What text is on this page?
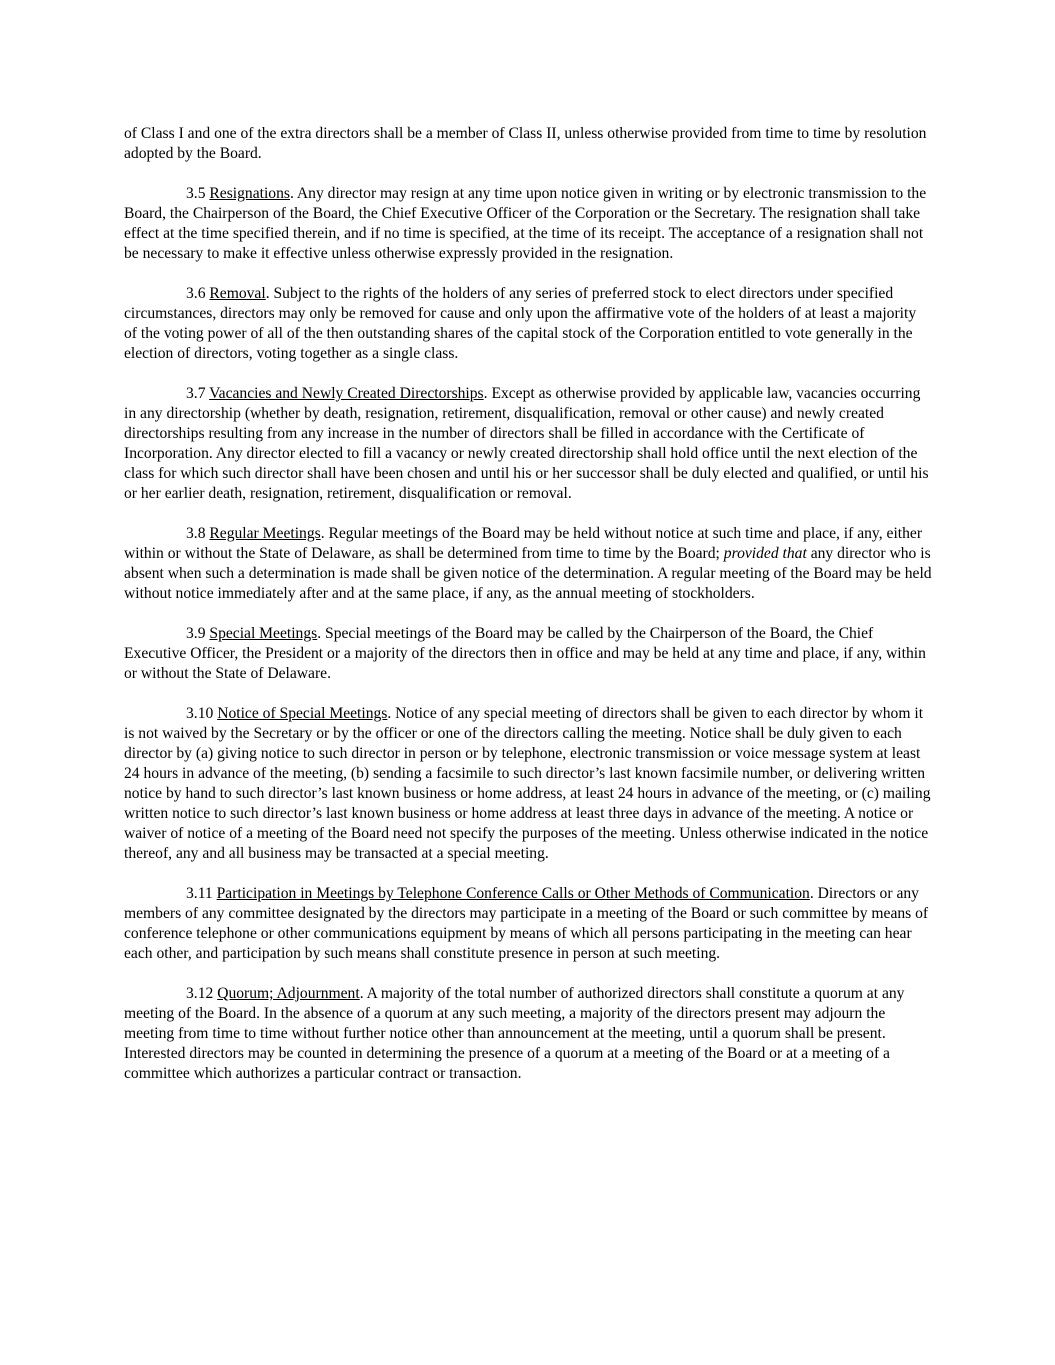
of Class I and one of the extra directors shall be a member of Class II, unless otherwise provided from time to time by resolution adopted by the Board.

3.5 Resignations. Any director may resign at any time upon notice given in writing or by electronic transmission to the Board, the Chairperson of the Board, the Chief Executive Officer of the Corporation or the Secretary. The resignation shall take effect at the time specified therein, and if no time is specified, at the time of its receipt. The acceptance of a resignation shall not be necessary to make it effective unless otherwise expressly provided in the resignation.

3.6 Removal. Subject to the rights of the holders of any series of preferred stock to elect directors under specified circumstances, directors may only be removed for cause and only upon the affirmative vote of the holders of at least a majority of the voting power of all of the then outstanding shares of the capital stock of the Corporation entitled to vote generally in the election of directors, voting together as a single class.

3.7 Vacancies and Newly Created Directorships. Except as otherwise provided by applicable law, vacancies occurring in any directorship (whether by death, resignation, retirement, disqualification, removal or other cause) and newly created directorships resulting from any increase in the number of directors shall be filled in accordance with the Certificate of Incorporation. Any director elected to fill a vacancy or newly created directorship shall hold office until the next election of the class for which such director shall have been chosen and until his or her successor shall be duly elected and qualified, or until his or her earlier death, resignation, retirement, disqualification or removal.

3.8 Regular Meetings. Regular meetings of the Board may be held without notice at such time and place, if any, either within or without the State of Delaware, as shall be determined from time to time by the Board; provided that any director who is absent when such a determination is made shall be given notice of the determination. A regular meeting of the Board may be held without notice immediately after and at the same place, if any, as the annual meeting of stockholders.

3.9 Special Meetings. Special meetings of the Board may be called by the Chairperson of the Board, the Chief Executive Officer, the President or a majority of the directors then in office and may be held at any time and place, if any, within or without the State of Delaware.

3.10 Notice of Special Meetings. Notice of any special meeting of directors shall be given to each director by whom it is not waived by the Secretary or by the officer or one of the directors calling the meeting. Notice shall be duly given to each director by (a) giving notice to such director in person or by telephone, electronic transmission or voice message system at least 24 hours in advance of the meeting, (b) sending a facsimile to such director’s last known facsimile number, or delivering written notice by hand to such director’s last known business or home address, at least 24 hours in advance of the meeting, or (c) mailing written notice to such director’s last known business or home address at least three days in advance of the meeting. A notice or waiver of notice of a meeting of the Board need not specify the purposes of the meeting. Unless otherwise indicated in the notice thereof, any and all business may be transacted at a special meeting.

3.11 Participation in Meetings by Telephone Conference Calls or Other Methods of Communication. Directors or any members of any committee designated by the directors may participate in a meeting of the Board or such committee by means of conference telephone or other communications equipment by means of which all persons participating in the meeting can hear each other, and participation by such means shall constitute presence in person at such meeting.

3.12 Quorum; Adjournment. A majority of the total number of authorized directors shall constitute a quorum at any meeting of the Board. In the absence of a quorum at any such meeting, a majority of the directors present may adjourn the meeting from time to time without further notice other than announcement at the meeting, until a quorum shall be present. Interested directors may be counted in determining the presence of a quorum at a meeting of the Board or at a meeting of a committee which authorizes a particular contract or transaction.
